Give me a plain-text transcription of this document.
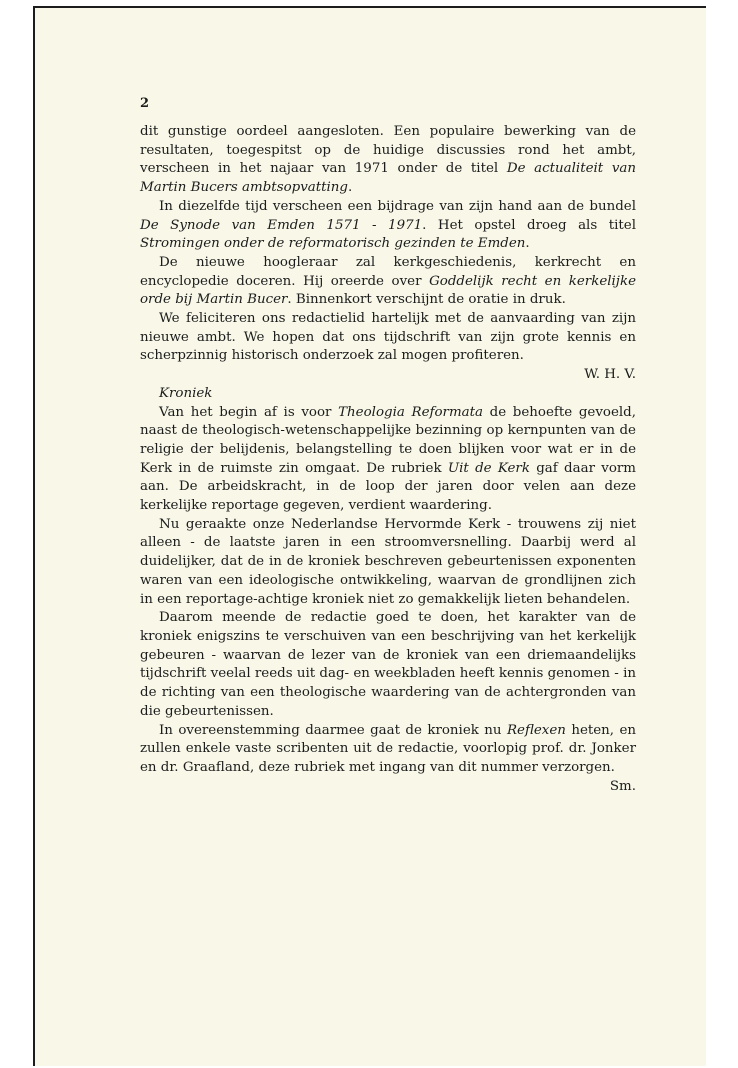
2

dit gunstige oordeel aangesloten. Een populaire bewerking van de resultaten, toegespitst op de huidige discussies rond het ambt, verscheen in het najaar van 1971 onder de titel De actualiteit van Martin Bucers ambtsopvatting.

In diezelfde tijd verscheen een bijdrage van zijn hand aan de bundel De Synode van Emden 1571 - 1971. Het opstel droeg als titel Stromingen onder de reformatorisch gezinden te Emden.

De nieuwe hoogleraar zal kerkgeschiedenis, kerkrecht en encyclopedie doceren. Hij oreerde over Goddelijk recht en kerkelijke orde bij Martin Bucer. Binnenkort verschijnt de oratie in druk.

We feliciteren ons redactielid hartelijk met de aanvaarding van zijn nieuwe ambt. We hopen dat ons tijdschrift van zijn grote kennis en scherpzinnig historisch onderzoek zal mogen profiteren.

W. H. V.

Kroniek

Van het begin af is voor Theologia Reformata de behoefte gevoeld, naast de theologisch-wetenschappelijke bezinning op kernpunten van de religie der belijdenis, belangstelling te doen blijken voor wat er in de Kerk in de ruimste zin omgaat. De rubriek Uit de Kerk gaf daar vorm aan. De arbeidskracht, in de loop der jaren door velen aan deze kerkelijke reportage gegeven, verdient waardering.

Nu geraakte onze Nederlandse Hervormde Kerk - trouwens zij niet alleen - de laatste jaren in een stroomversnelling. Daarbij werd al duidelijker, dat de in de kroniek beschreven gebeurtenissen exponenten waren van een ideologische ontwikkeling, waarvan de grondlijnen zich in een reportage-achtige kroniek niet zo gemakkelijk lieten behandelen.

Daarom meende de redactie goed te doen, het karakter van de kroniek enigszins te verschuiven van een beschrijving van het kerkelijk gebeuren - waarvan de lezer van de kroniek van een driemaandelijks tijdschrift veelal reeds uit dag- en weekbladen heeft kennis genomen - in de richting van een theologische waardering van de achtergronden van die gebeurtenissen.

In overeenstemming daarmee gaat de kroniek nu Reflexen heten, en zullen enkele vaste scribenten uit de redactie, voorlopig prof. dr. Jonker en dr. Graafland, deze rubriek met ingang van dit nummer verzorgen.

Sm.
